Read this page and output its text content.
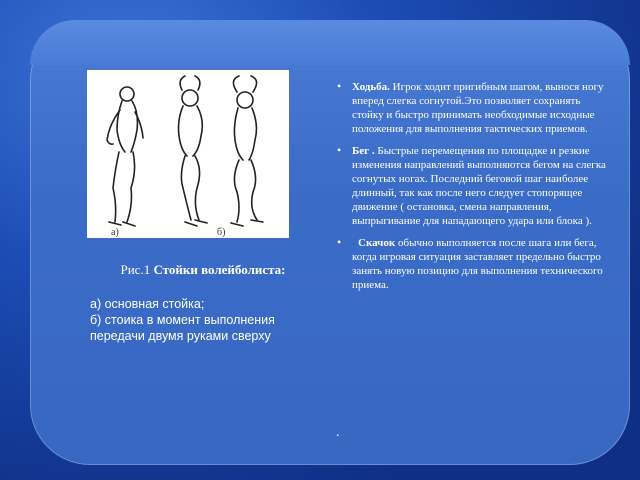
а)	б)
Рис.1 Стойки волейболиста:
а) основная стойка;
б) стоика в момент выполнения передачи двумя руками сверху
• Ходьба. Игрок ходит пригибным шагом, вынося ногу вперед слегка согнутой.Это позволяет сохранять стойку и быстро принимать необходимые исходные положения для выполнения тактических приемов.
• Бег . Быстрые перемещения по площадке и резкие изменения направлений выполняются бегом на слегка согнутых ногах. Последний беговой шаг наиболее длинный, так как после него следует стопорящее движение ( остановка, смена направления, выпрыгивание для нападающего удара или блока ).
• Скачок обычно выполняется после шага или бега, когда игровая ситуация заставляет предельно быстро занять новую позицию для выполнения технического приема.
.
